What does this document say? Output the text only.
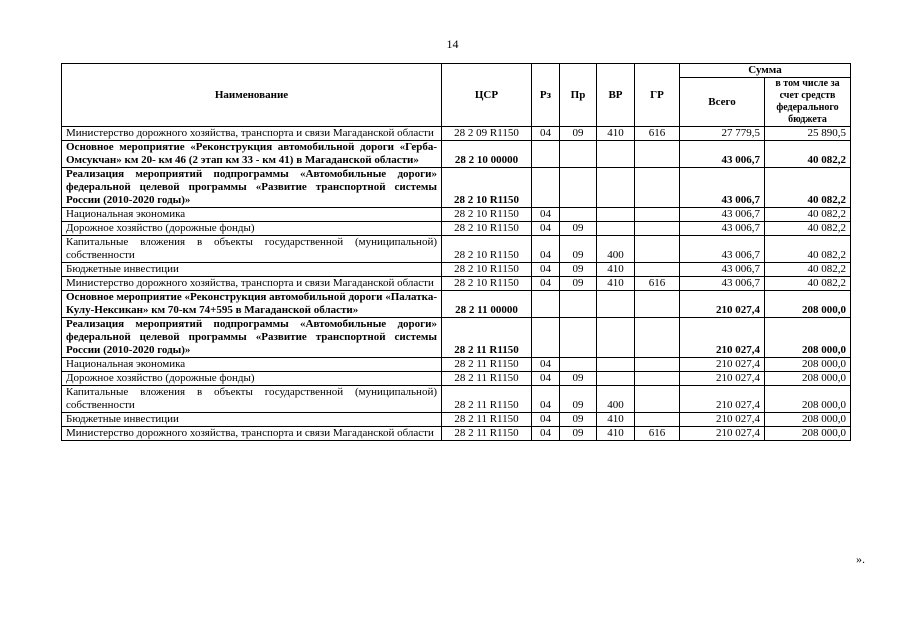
14
Наименование	ЦСР	Рз	Пр	ВР	ГР	Сумма	
						Всего	в том числе за счет средств федерального бюджета
Министерство дорожного хозяйства, транспорта и связи Магаданской области	28 2 09 R1150	04	09	410	616	27 779,5	25 890,5
Основное мероприятие «Реконструкция автомобильной дороги «Герба-Омсукчан» км 20- км 46 (2 этап км 33 - км 41) в Магаданской области»	28 2 10 00000					43 006,7	40 082,2
Реализация мероприятий подпрограммы «Автомобильные дороги» федеральной целевой программы «Развитие транспортной системы России (2010-2020 годы)»	28 2 10 R1150					43 006,7	40 082,2
Национальная экономика	28 2 10 R1150	04				43 006,7	40 082,2
Дорожное хозяйство (дорожные фонды)	28 2 10 R1150	04	09			43 006,7	40 082,2
Капитальные вложения в объекты государственной (муниципальной) собственности	28 2 10 R1150	04	09	400		43 006,7	40 082,2
Бюджетные инвестиции	28 2 10 R1150	04	09	410		43 006,7	40 082,2
Министерство дорожного хозяйства, транспорта и связи Магаданской области	28 2 10 R1150	04	09	410	616	43 006,7	40 082,2
Основное мероприятие «Реконструкция автомобильной дороги «Палатка-Кулу-Нексикан» км 70-км 74+595 в Магаданской области»	28 2 11 00000					210 027,4	208 000,0
Реализация мероприятий подпрограммы «Автомобильные дороги» федеральной целевой программы «Развитие транспортной системы России (2010-2020 годы)»	28 2 11 R1150					210 027,4	208 000,0
Национальная экономика	28 2 11 R1150	04				210 027,4	208 000,0
Дорожное хозяйство (дорожные фонды)	28 2 11 R1150	04	09			210 027,4	208 000,0
Капитальные вложения в объекты государственной (муниципальной) собственности	28 2 11 R1150	04	09	400		210 027,4	208 000,0
Бюджетные инвестиции	28 2 11 R1150	04	09	410		210 027,4	208 000,0
Министерство дорожного хозяйства, транспорта и связи Магаданской области	28 2 11 R1150	04	09	410	616	210 027,4	208 000,0
».
